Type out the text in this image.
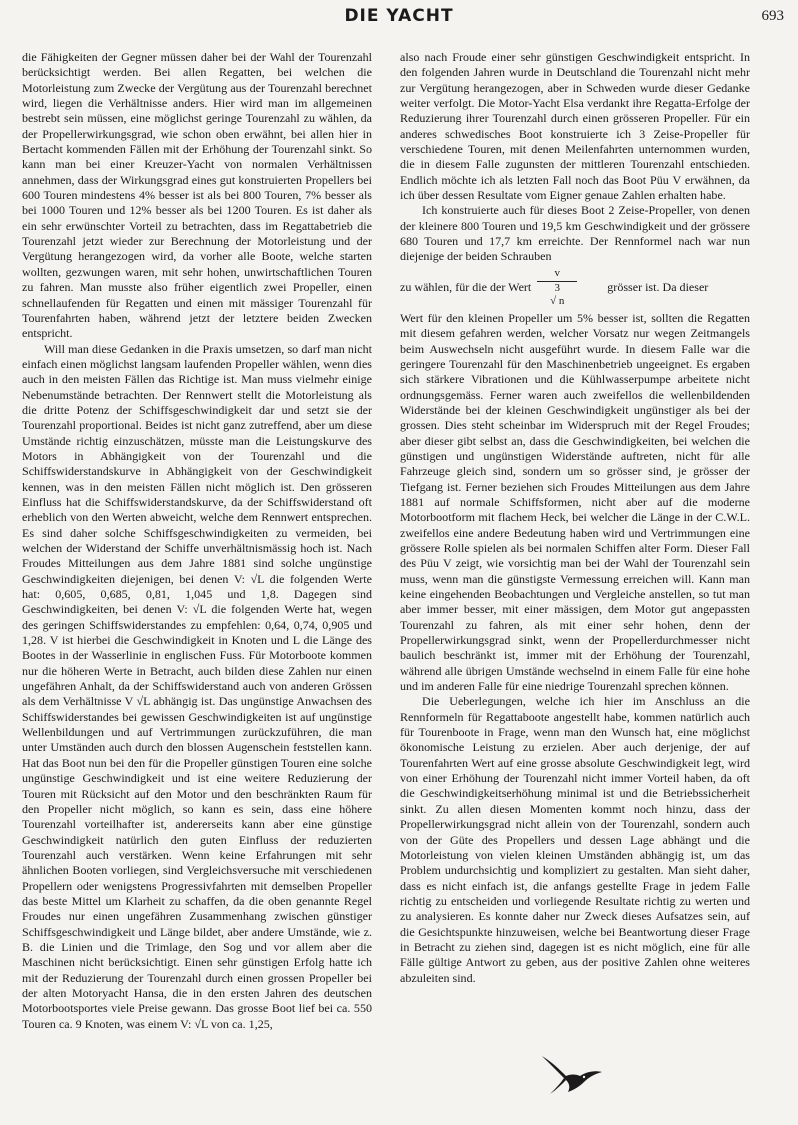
DIE YACHT	693

die Fähigkeiten der Gegner müssen daher bei der Wahl der Tourenzahl berücksichtigt werden. Bei allen Regatten, bei welchen die Motorleistung zum Zwecke der Vergütung aus der Tourenzahl berechnet wird, liegen die Verhältnisse anders. Hier wird man im allgemeinen bestrebt sein müssen, eine möglichst geringe Tourenzahl zu wählen, da der Propellerwirkungsgrad, wie schon oben erwähnt, bei allen hier in Bertacht kommenden Fällen mit der Erhöhung der Tourenzahl sinkt. So kann man bei einer Kreuzer-Yacht von normalen Verhältnissen annehmen, dass der Wirkungsgrad eines gut konstruierten Propellers bei 600 Touren mindestens 4% besser ist als bei 800 Touren, 7% besser als bei 1000 Touren und 12% besser als bei 1200 Touren. Es ist daher als ein sehr erwünschter Vorteil zu betrachten, dass im Regattabetrieb die Tourenzahl jetzt wieder zur Berechnung der Motorleistung und der Vergütung herangezogen wird, da vorher alle Boote, welche starten wollten, gezwungen waren, mit sehr hohen, unwirtschaftlichen Touren zu fahren. Man musste also früher eigentlich zwei Propeller, einen schnellaufenden für Regatten und einen mit mässiger Tourenzahl für Tourenfahrten haben, während jetzt der letztere beiden Zwecken entspricht.

Will man diese Gedanken in die Praxis umsetzen, so darf man nicht einfach einen möglichst langsam laufenden Propeller wählen, wenn dies auch in den meisten Fällen das Richtige ist. Man muss vielmehr einige Nebenumstände betrachten. Der Rennwert stellt die Motorleistung als die dritte Potenz der Schiffsgeschwindigkeit dar und setzt sie der Tourenzahl proportional. Beides ist nicht ganz zutreffend, aber um diese Umstände richtig einzuschätzen, müsste man die Leistungskurve des Motors in Abhängigkeit von der Tourenzahl und die Schiffswiderstandskurve in Abhängigkeit von der Geschwindigkeit kennen, was in den meisten Fällen nicht möglich ist. Den grösseren Einfluss hat die Schiffswiderstandskurve, da der Schiffswiderstand oft erheblich von den Werten abweicht, welche dem Rennwert entsprechen. Es sind daher solche Schiffsgeschwindigkeiten zu vermeiden, bei welchen der Widerstand der Schiffe unverhältnismässig hoch ist. Nach Froudes Mitteilungen aus dem Jahre 1881 sind solche ungünstige Geschwindigkeiten diejenigen, bei denen V: √L die folgenden Werte hat: 0,605, 0,685, 0,81, 1,045 und 1,8. Dagegen sind Geschwindigkeiten, bei denen V: √L die folgenden Werte hat, wegen des geringen Schiffswiderstandes zu empfehlen: 0,64, 0,74, 0,905 und 1,28. V ist hierbei die Geschwindigkeit in Knoten und L die Länge des Bootes in der Wasserlinie in englischen Fuss. Für Motorboote kommen nur die höheren Werte in Betracht, auch bilden diese Zahlen nur einen ungefähren Anhalt, da der Schiffswiderstand auch von anderen Grössen als dem Verhältnisse V √L abhängig ist. Das ungünstige Anwachsen des Schiffswiderstandes bei gewissen Geschwindigkeiten ist auf ungünstige Wellenbildungen und auf Vertrimmungen zurückzuführen, die man unter Umständen auch durch den blossen Augenschein feststellen kann. Hat das Boot nun bei den für die Propeller günstigen Touren eine solche ungünstige Geschwindigkeit und ist eine weitere Reduzierung der Touren mit Rücksicht auf den Motor und den beschränkten Raum für den Propeller nicht möglich, so kann es sein, dass eine höhere Tourenzahl vorteilhafter ist, andererseits kann aber eine günstige Geschwindigkeit natürlich den guten Einfluss der reduzierten Tourenzahl auch verstärken. Wenn keine Erfahrungen mit sehr ähnlichen Booten vorliegen, sind Vergleichsversuche mit verschiedenen Propellern oder wenigstens Progressivfahrten mit demselben Propeller das beste Mittel um Klarheit zu schaffen, da die oben genannte Regel Froudes nur einen ungefähren Zusammenhang zwischen günstiger Schiffsgeschwindigkeit und Länge bildet, aber andere Umstände, wie z. B. die Linien und die Trimlage, den Sog und vor allem aber die Maschinen nicht berücksichtigt. Einen sehr günstigen Erfolg hatte ich mit der Reduzierung der Tourenzahl durch einen grossen Propeller bei der alten Motoryacht Hansa, die in den ersten Jahren des deutschen Motorbootsportes viele Preise gewann. Das grosse Boot lief bei ca. 550 Touren ca. 9 Knoten, was einem V: √L von ca. 1,25,

also nach Froude einer sehr günstigen Geschwindigkeit entspricht. In den folgenden Jahren wurde in Deutschland die Tourenzahl nicht mehr zur Vergütung herangezogen, aber in Schweden wurde dieser Gedanke weiter verfolgt. Die Motor-Yacht Elsa verdankt ihre Regatta-Erfolge der Reduzierung ihrer Tourenzahl durch einen grösseren Propeller. Für ein anderes schwedisches Boot konstruierte ich 3 Zeise-Propeller für verschiedene Touren, mit denen Meilenfahrten unternommen wurden, die in diesem Falle zugunsten der mittleren Tourenzahl entschieden. Endlich möchte ich als letzten Fall noch das Boot Püu V erwähnen, da ich über dessen Resultate vom Eigner genaue Zahlen erhalten habe.

Ich konstruierte auch für dieses Boot 2 Zeise-Propeller, von denen der kleinere 800 Touren und 19,5 km Geschwindigkeit und der grössere 680 Touren und 17,7 km erreichte. Der Rennformel nach war nun diejenige der beiden Schrauben

zu wählen, für die der Wert
v
3
√ n
grösser ist. Da dieser

Wert für den kleinen Propeller um 5% besser ist, sollten die Regatten mit diesem gefahren werden, welcher Vorsatz nur wegen Zeitmangels beim Auswechseln nicht ausgeführt wurde. In diesem Falle war die geringere Tourenzahl für den Maschinenbetrieb ungeeignet. Es ergaben sich stärkere Vibrationen und die Kühlwasserpumpe arbeitete nicht ordnungsgemäss. Ferner waren auch zweifellos die wellenbildenden Widerstände bei der kleinen Geschwindigkeit ungünstiger als bei der grossen. Dies steht scheinbar im Widerspruch mit der Regel Froudes; aber dieser gibt selbst an, dass die Geschwindigkeiten, bei welchen die günstigen und ungünstigen Widerstände auftreten, nicht für alle Fahrzeuge gleich sind, sondern um so grösser sind, je grösser der Tiefgang ist. Ferner beziehen sich Froudes Mitteilungen aus dem Jahre 1881 auf normale Schiffsformen, nicht aber auf die moderne Motorbootform mit flachem Heck, bei welcher die Länge in der C.W.L. zweifellos eine andere Bedeutung haben wird und Vertrimmungen eine grössere Rolle spielen als bei normalen Schiffen alter Form. Dieser Fall des Püu V zeigt, wie vorsichtig man bei der Wahl der Tourenzahl sein muss, wenn man die günstigste Vermessung erreichen will. Kann man keine eingehenden Beobachtungen und Vergleiche anstellen, so tut man aber immer besser, mit einer mässigen, dem Motor gut angepassten Tourenzahl zu fahren, als mit einer sehr hohen, denn der Propellerwirkungsgrad sinkt, wenn der Propellerdurchmesser nicht baulich beschränkt ist, immer mit der Erhöhung der Tourenzahl, während alle übrigen Umstände wechselnd in einem Falle für eine hohe und im anderen Falle für eine niedrige Tourenzahl sprechen können.

Die Ueberlegungen, welche ich hier im Anschluss an die Rennformeln für Regattaboote angestellt habe, kommen natürlich auch für Tourenboote in Frage, wenn man den Wunsch hat, eine möglichst ökonomische Leistung zu erzielen. Aber auch derjenige, der auf Tourenfahrten Wert auf eine grosse absolute Geschwindigkeit legt, wird von einer Erhöhung der Tourenzahl nicht immer Vorteil haben, da oft die Geschwindigkeitserhöhung minimal ist und die Betriebssicherheit sinkt. Zu allen diesen Momenten kommt noch hinzu, dass der Propellerwirkungsgrad nicht allein von der Tourenzahl, sondern auch von der Güte des Propellers und dessen Lage abhängt und die Motorleistung von vielen kleinen Umständen abhängig ist, um das Problem undurchsichtig und kompliziert zu gestalten. Man sieht daher, dass es nicht einfach ist, die anfangs gestellte Frage in jedem Falle richtig zu entscheiden und vorliegende Resultate richtig zu werten und zu analysieren. Es konnte daher nur Zweck dieses Aufsatzes sein, auf die Gesichtspunkte hinzuweisen, welche bei Beantwortung dieser Frage in Betracht zu ziehen sind, dagegen ist es nicht möglich, eine für alle Fälle gültige Antwort zu geben, aus der positive Zahlen ohne weiteres abzuleiten sind.
